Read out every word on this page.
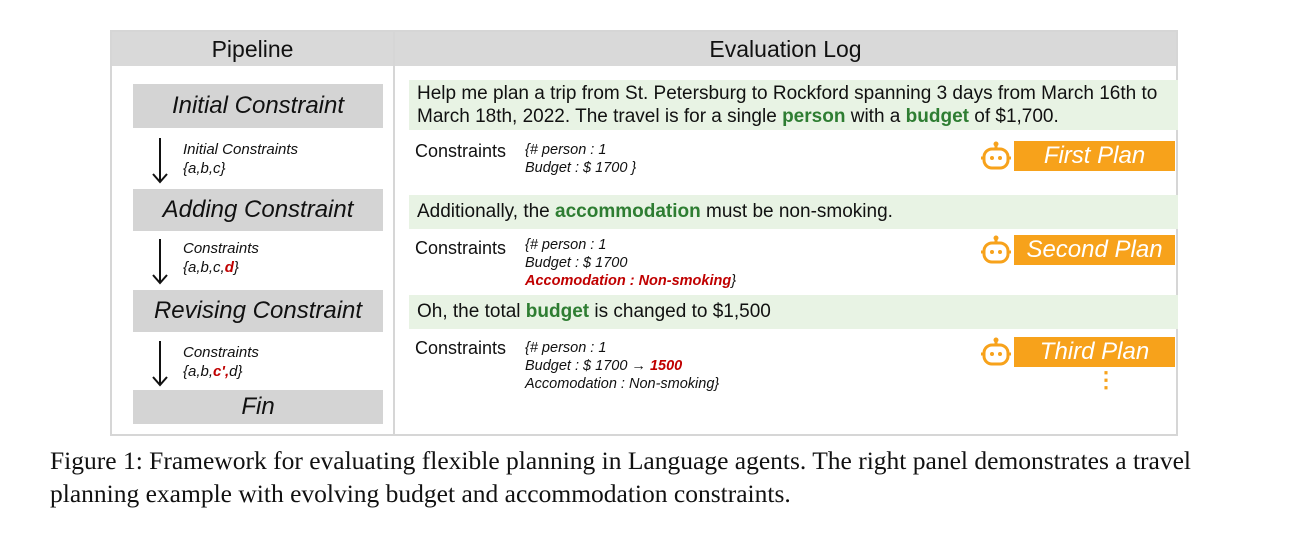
Pipeline	Evaluation Log
Initial Constraint
Initial Constraints
{a,b,c}
Adding Constraint
Constraints
{a,b,c,d}
Revising Constraint
Constraints
{a,b,c',d}
Fin
Help me plan a trip from St. Petersburg to Rockford spanning 3 days from March 16th to March 18th, 2022. The travel is for a single person with a budget of $1,700.
Constraints {# person : 1
Budget : $ 1700 }	First Plan
Additionally, the accommodation must be non-smoking.
Constraints {# person : 1
Budget : $ 1700
Accomodation : Non-smoking}
Second Plan
Oh, the total budget is changed to $1,500
Constraints {# person : 1
Budget : $ 1700 → 1500
Accomodation : Non-smoking}
Third Plan
⋮
Figure 1: Framework for evaluating flexible planning in Language agents. The right panel demonstrates a travel planning example with evolving budget and accommodation constraints.
